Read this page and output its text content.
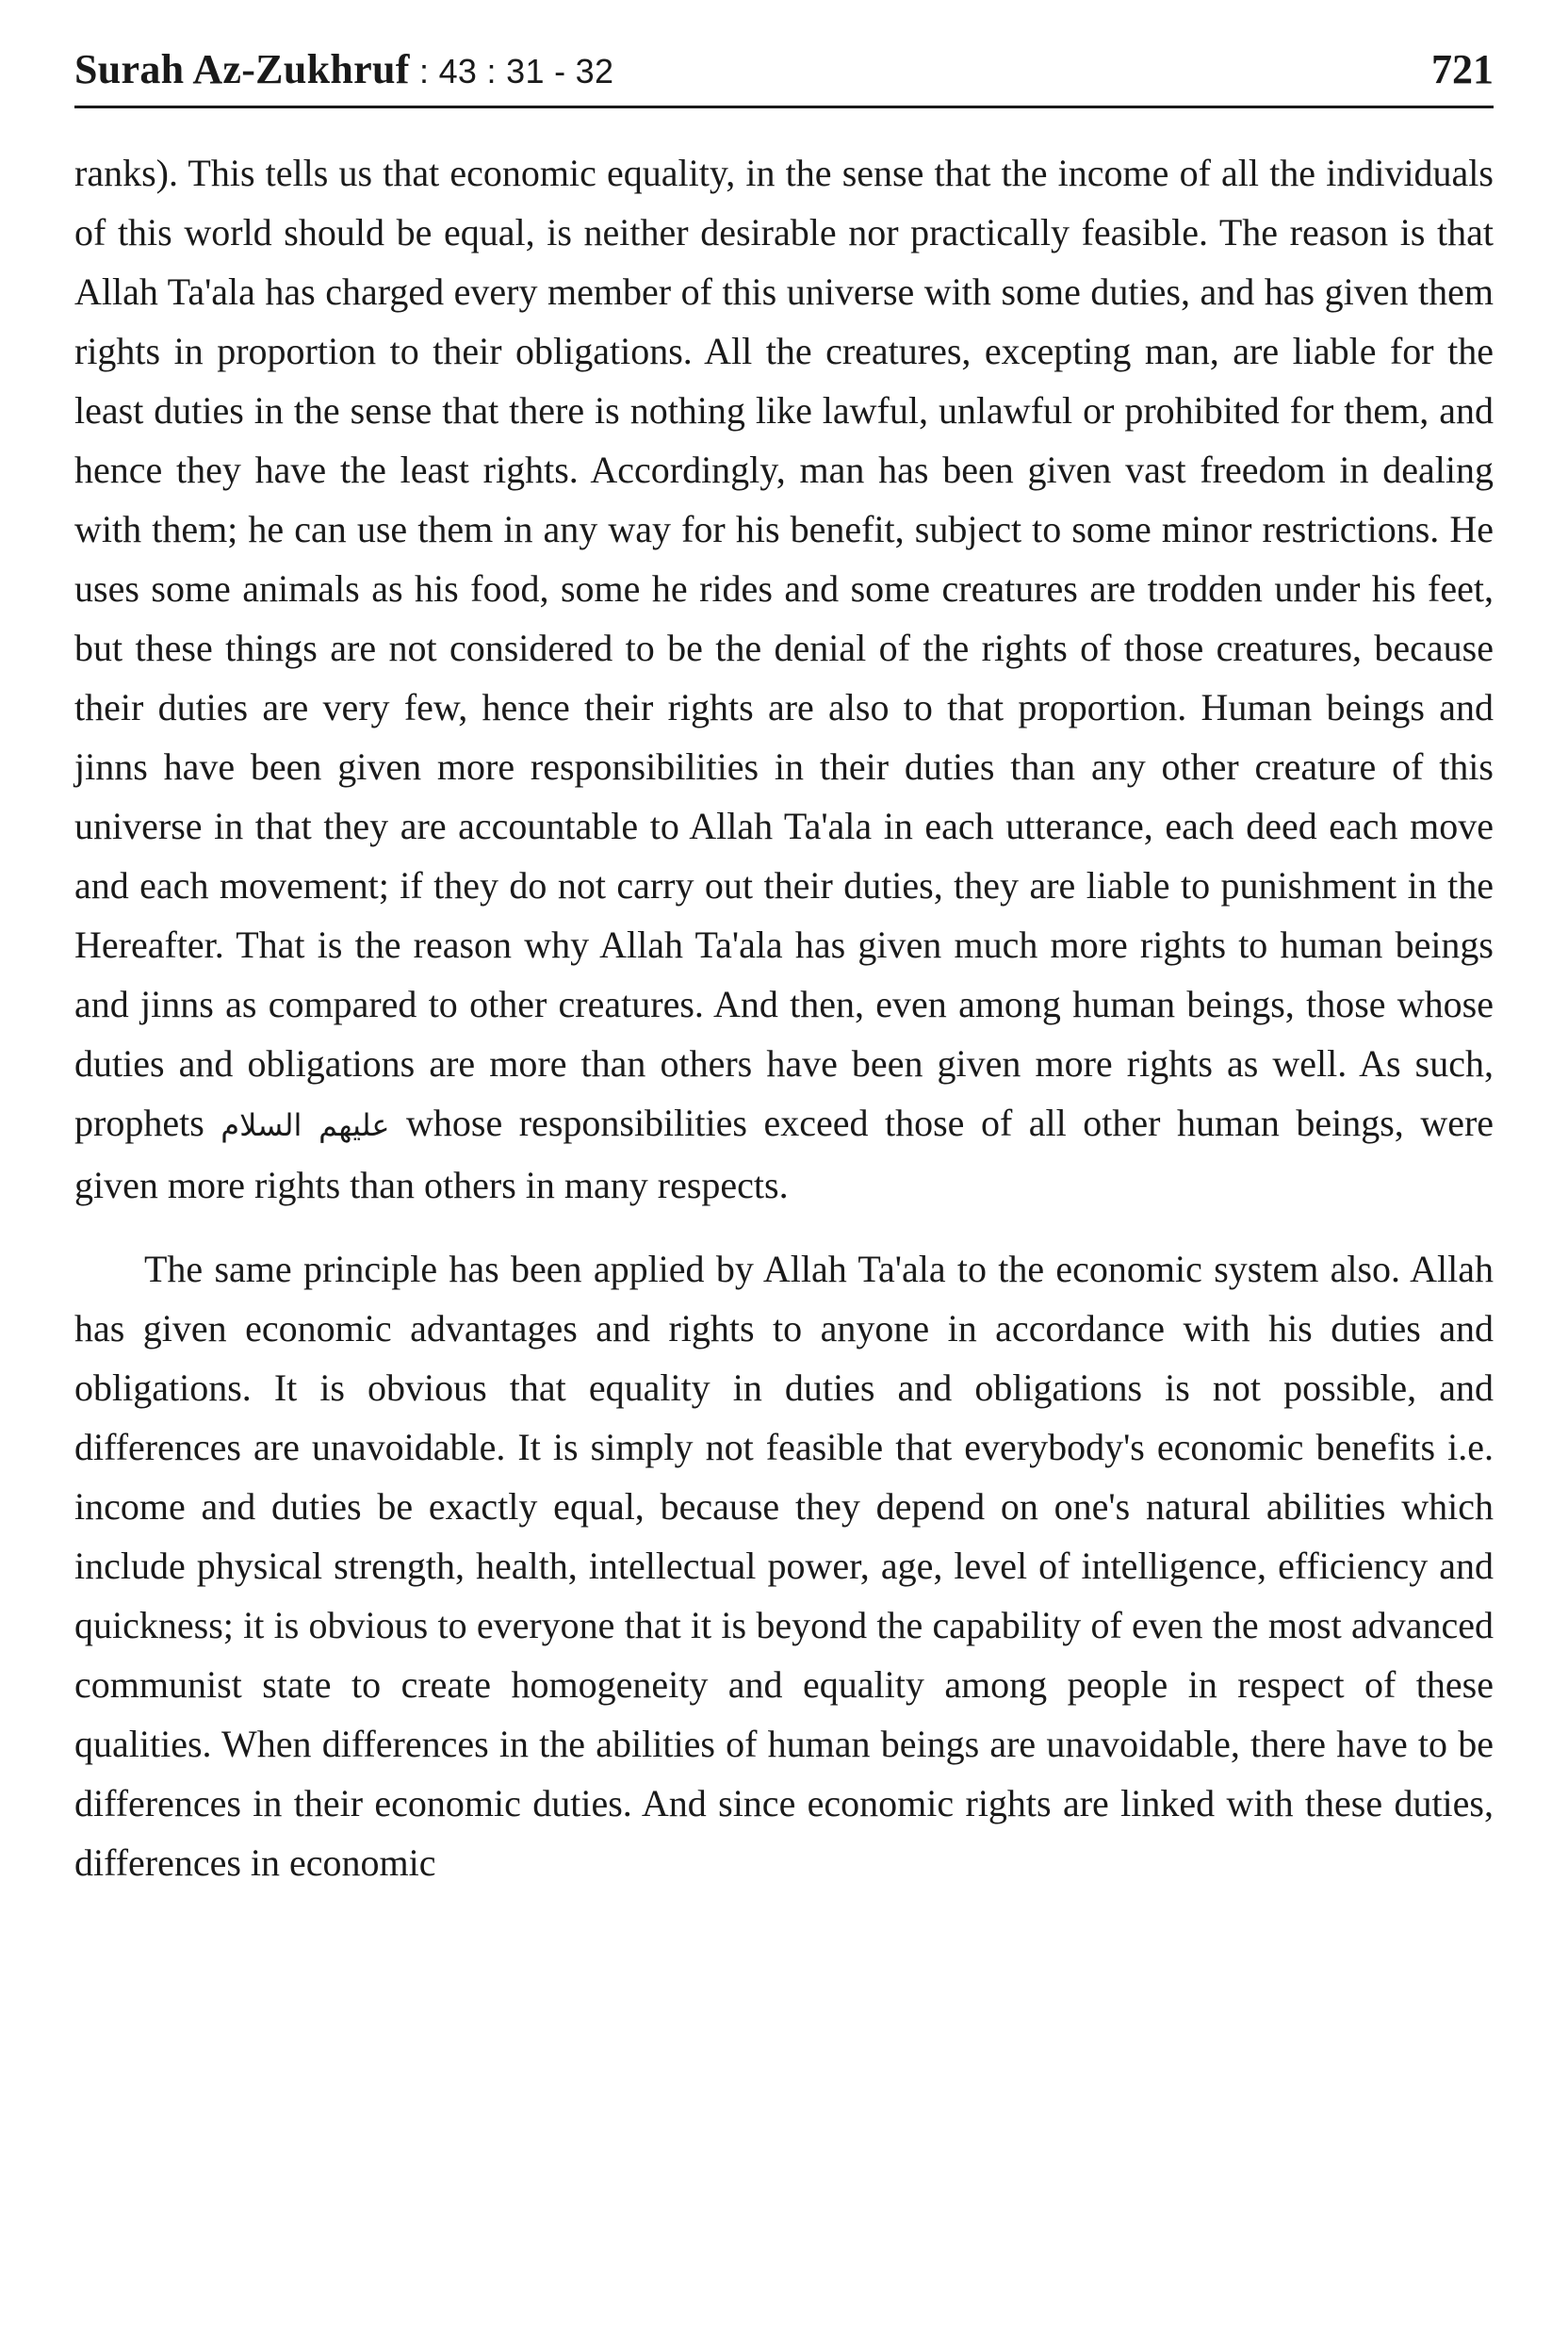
Surah Az-Zukhruf : 43 : 31 - 32	721

ranks). This tells us that economic equality, in the sense that the income of all the individuals of this world should be equal, is neither desirable nor practically feasible. The reason is that Allah Ta'ala has charged every member of this universe with some duties, and has given them rights in proportion to their obligations. All the creatures, excepting man, are liable for the least duties in the sense that there is nothing like lawful, unlawful or prohibited for them, and hence they have the least rights. Accordingly, man has been given vast freedom in dealing with them; he can use them in any way for his benefit, subject to some minor restrictions. He uses some animals as his food, some he rides and some creatures are trodden under his feet, but these things are not considered to be the denial of the rights of those creatures, because their duties are very few, hence their rights are also to that proportion. Human beings and jinns have been given more responsibilities in their duties than any other creature of this universe in that they are accountable to Allah Ta'ala in each utterance, each deed each move and each movement; if they do not carry out their duties, they are liable to punishment in the Hereafter. That is the reason why Allah Ta'ala has given much more rights to human beings and jinns as compared to other creatures. And then, even among human beings, those whose duties and obligations are more than others have been given more rights as well. As such, prophets عليهم السلام whose responsibilities exceed those of all other human beings, were given more rights than others in many respects.

The same principle has been applied by Allah Ta'ala to the economic system also. Allah has given economic advantages and rights to anyone in accordance with his duties and obligations. It is obvious that equality in duties and obligations is not possible, and differences are unavoidable. It is simply not feasible that everybody's economic benefits i.e. income and duties be exactly equal, because they depend on one's natural abilities which include physical strength, health, intellectual power, age, level of intelligence, efficiency and quickness; it is obvious to everyone that it is beyond the capability of even the most advanced communist state to create homogeneity and equality among people in respect of these qualities. When differences in the abilities of human beings are unavoidable, there have to be differences in their economic duties. And since economic rights are linked with these duties, differences in economic
